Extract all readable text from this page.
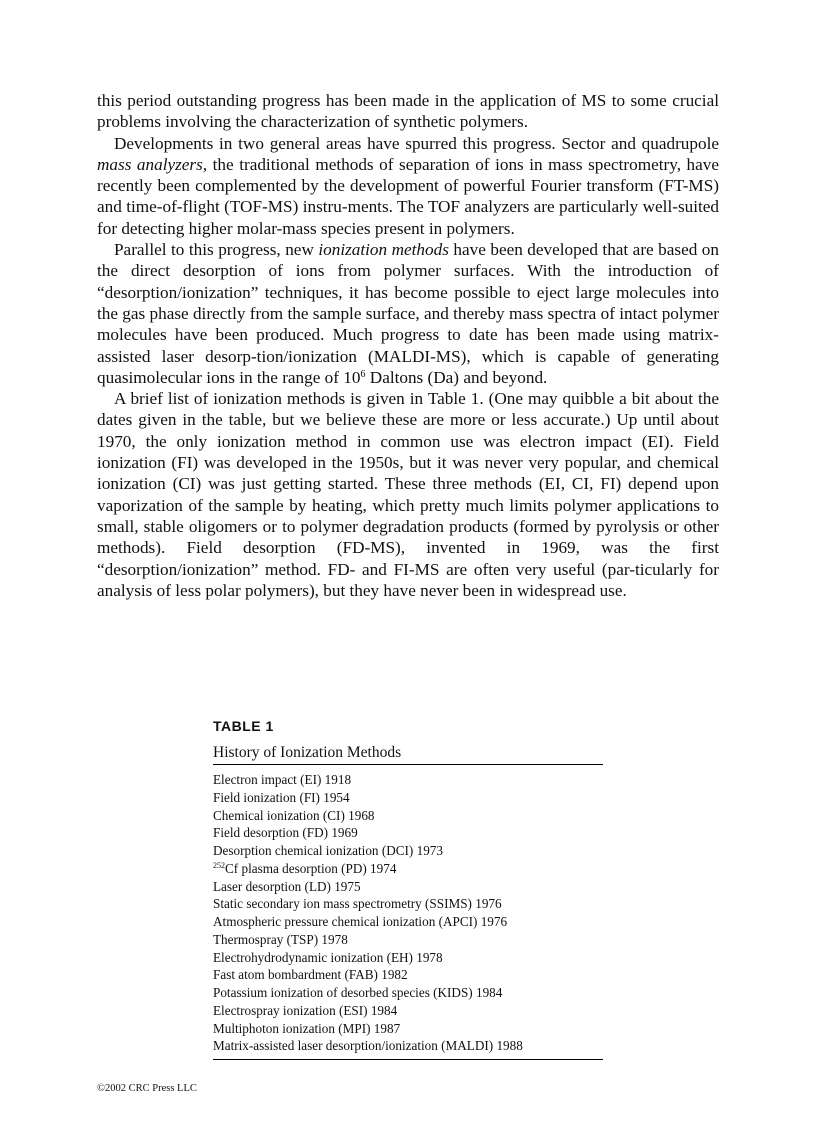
this period outstanding progress has been made in the application of MS to some crucial problems involving the characterization of synthetic polymers.

Developments in two general areas have spurred this progress. Sector and quadrupole mass analyzers, the traditional methods of separation of ions in mass spectrometry, have recently been complemented by the development of powerful Fourier transform (FT-MS) and time-of-flight (TOF-MS) instru-ments. The TOF analyzers are particularly well-suited for detecting higher molar-mass species present in polymers.

Parallel to this progress, new ionization methods have been developed that are based on the direct desorption of ions from polymer surfaces. With the introduction of “desorption/ionization” techniques, it has become possible to eject large molecules into the gas phase directly from the sample surface, and thereby mass spectra of intact polymer molecules have been produced. Much progress to date has been made using matrix-assisted laser desorp-tion/ionization (MALDI-MS), which is capable of generating quasimolecular ions in the range of $10^6$ Daltons (Da) and beyond.

A brief list of ionization methods is given in Table 1. (One may quibble a bit about the dates given in the table, but we believe these are more or less accurate.) Up until about 1970, the only ionization method in common use was electron impact (EI). Field ionization (FI) was developed in the 1950s, but it was never very popular, and chemical ionization (CI) was just getting started. These three methods (EI, CI, FI) depend upon vaporization of the sample by heating, which pretty much limits polymer applications to small, stable oligomers or to polymer degradation products (formed by pyrolysis or other methods). Field desorption (FD-MS), invented in 1969, was the first “desorption/ionization” method. FD- and FI-MS are often very useful (par-ticularly for analysis of less polar polymers), but they have never been in widespread use.

TABLE 1
History of Ionization Methods
Electron impact (EI) 1918
Field ionization (FI) 1954
Chemical ionization (CI) 1968
Field desorption (FD) 1969
Desorption chemical ionization (DCI) 1973
$^{252}$Cf plasma desorption (PD) 1974
Laser desorption (LD) 1975
Static secondary ion mass spectrometry (SSIMS) 1976
Atmospheric pressure chemical ionization (APCI) 1976
Thermospray (TSP) 1978
Electrohydrodynamic ionization (EH) 1978
Fast atom bombardment (FAB) 1982
Potassium ionization of desorbed species (KIDS) 1984
Electrospray ionization (ESI) 1984
Multiphoton ionization (MPI) 1987
Matrix-assisted laser desorption/ionization (MALDI) 1988
©2002 CRC Press LLC
